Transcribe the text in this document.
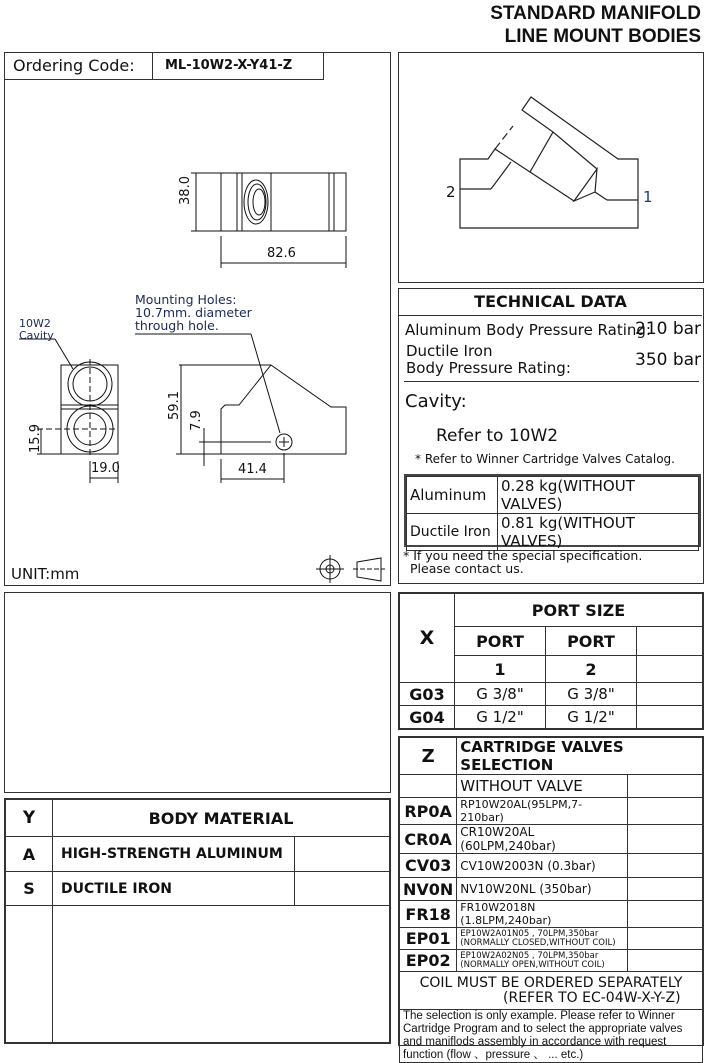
STANDARD MANIFOLD
LINE MOUNT BODIES
Ordering Code:	ML-10W2-X-Y41-Z
38.0
82.6
Mounting Holes:
10.7mm. diameter
through hole.
10W2
Cavity
15.9
19.0
59.1
7.9
41.4
UNIT:mm
2	1
TECHNICAL DATA
Aluminum Body Pressure Rating:
210 bar
Ductile Iron
Body Pressure Rating:	350 bar
Cavity:
Refer to 10W2
* Refer to Winner Cartridge Valves Catalog.
Aluminum	0.28 kg(WITHOUT VALVES)
Ductile Iron	0.81 kg(WITHOUT VALVES)
* If you need the special specification.
Please contact us.
X	PORT SIZE		
	PORT	PORT	
	1	2	
G03	G 3/8"	G 3/8"	
G04	G 1/2"	G 1/2"	
Y	BODY MATERIAL	
A	HIGH-STRENGTH ALUMINUM	
S	DUCTILE IRON	

Z	CARTRIDGE VALVES SELECTION	
	WITHOUT VALVE	
RP0A	RP10W20AL(95LPM,7-210bar)	
CR0A	CR10W20AL (60LPM,240bar)	
CV03	CV10W2003N (0.3bar)	
NV0N	NV10W20NL (350bar)	
FR18	FR10W2018N (1.8LPM,240bar)	
EP01	EP10W2A01N05 , 70LPM,350bar
(NORMALLY CLOSED,WITHOUT COIL)	

EP02	EP10W2A02N05 , 70LPM,350bar
(NORMALLY OPEN,WITHOUT COIL)	

COIL MUST BE ORDERED SEPARATELY
(REFER TO EC-04W-X-Y-Z)		

The selection is only example. Please refer to Winner Cartridge Program and to select the appropriate valves and maniflods assembly in accordance with request function (flow 、pressure 、 ... etc.)		
